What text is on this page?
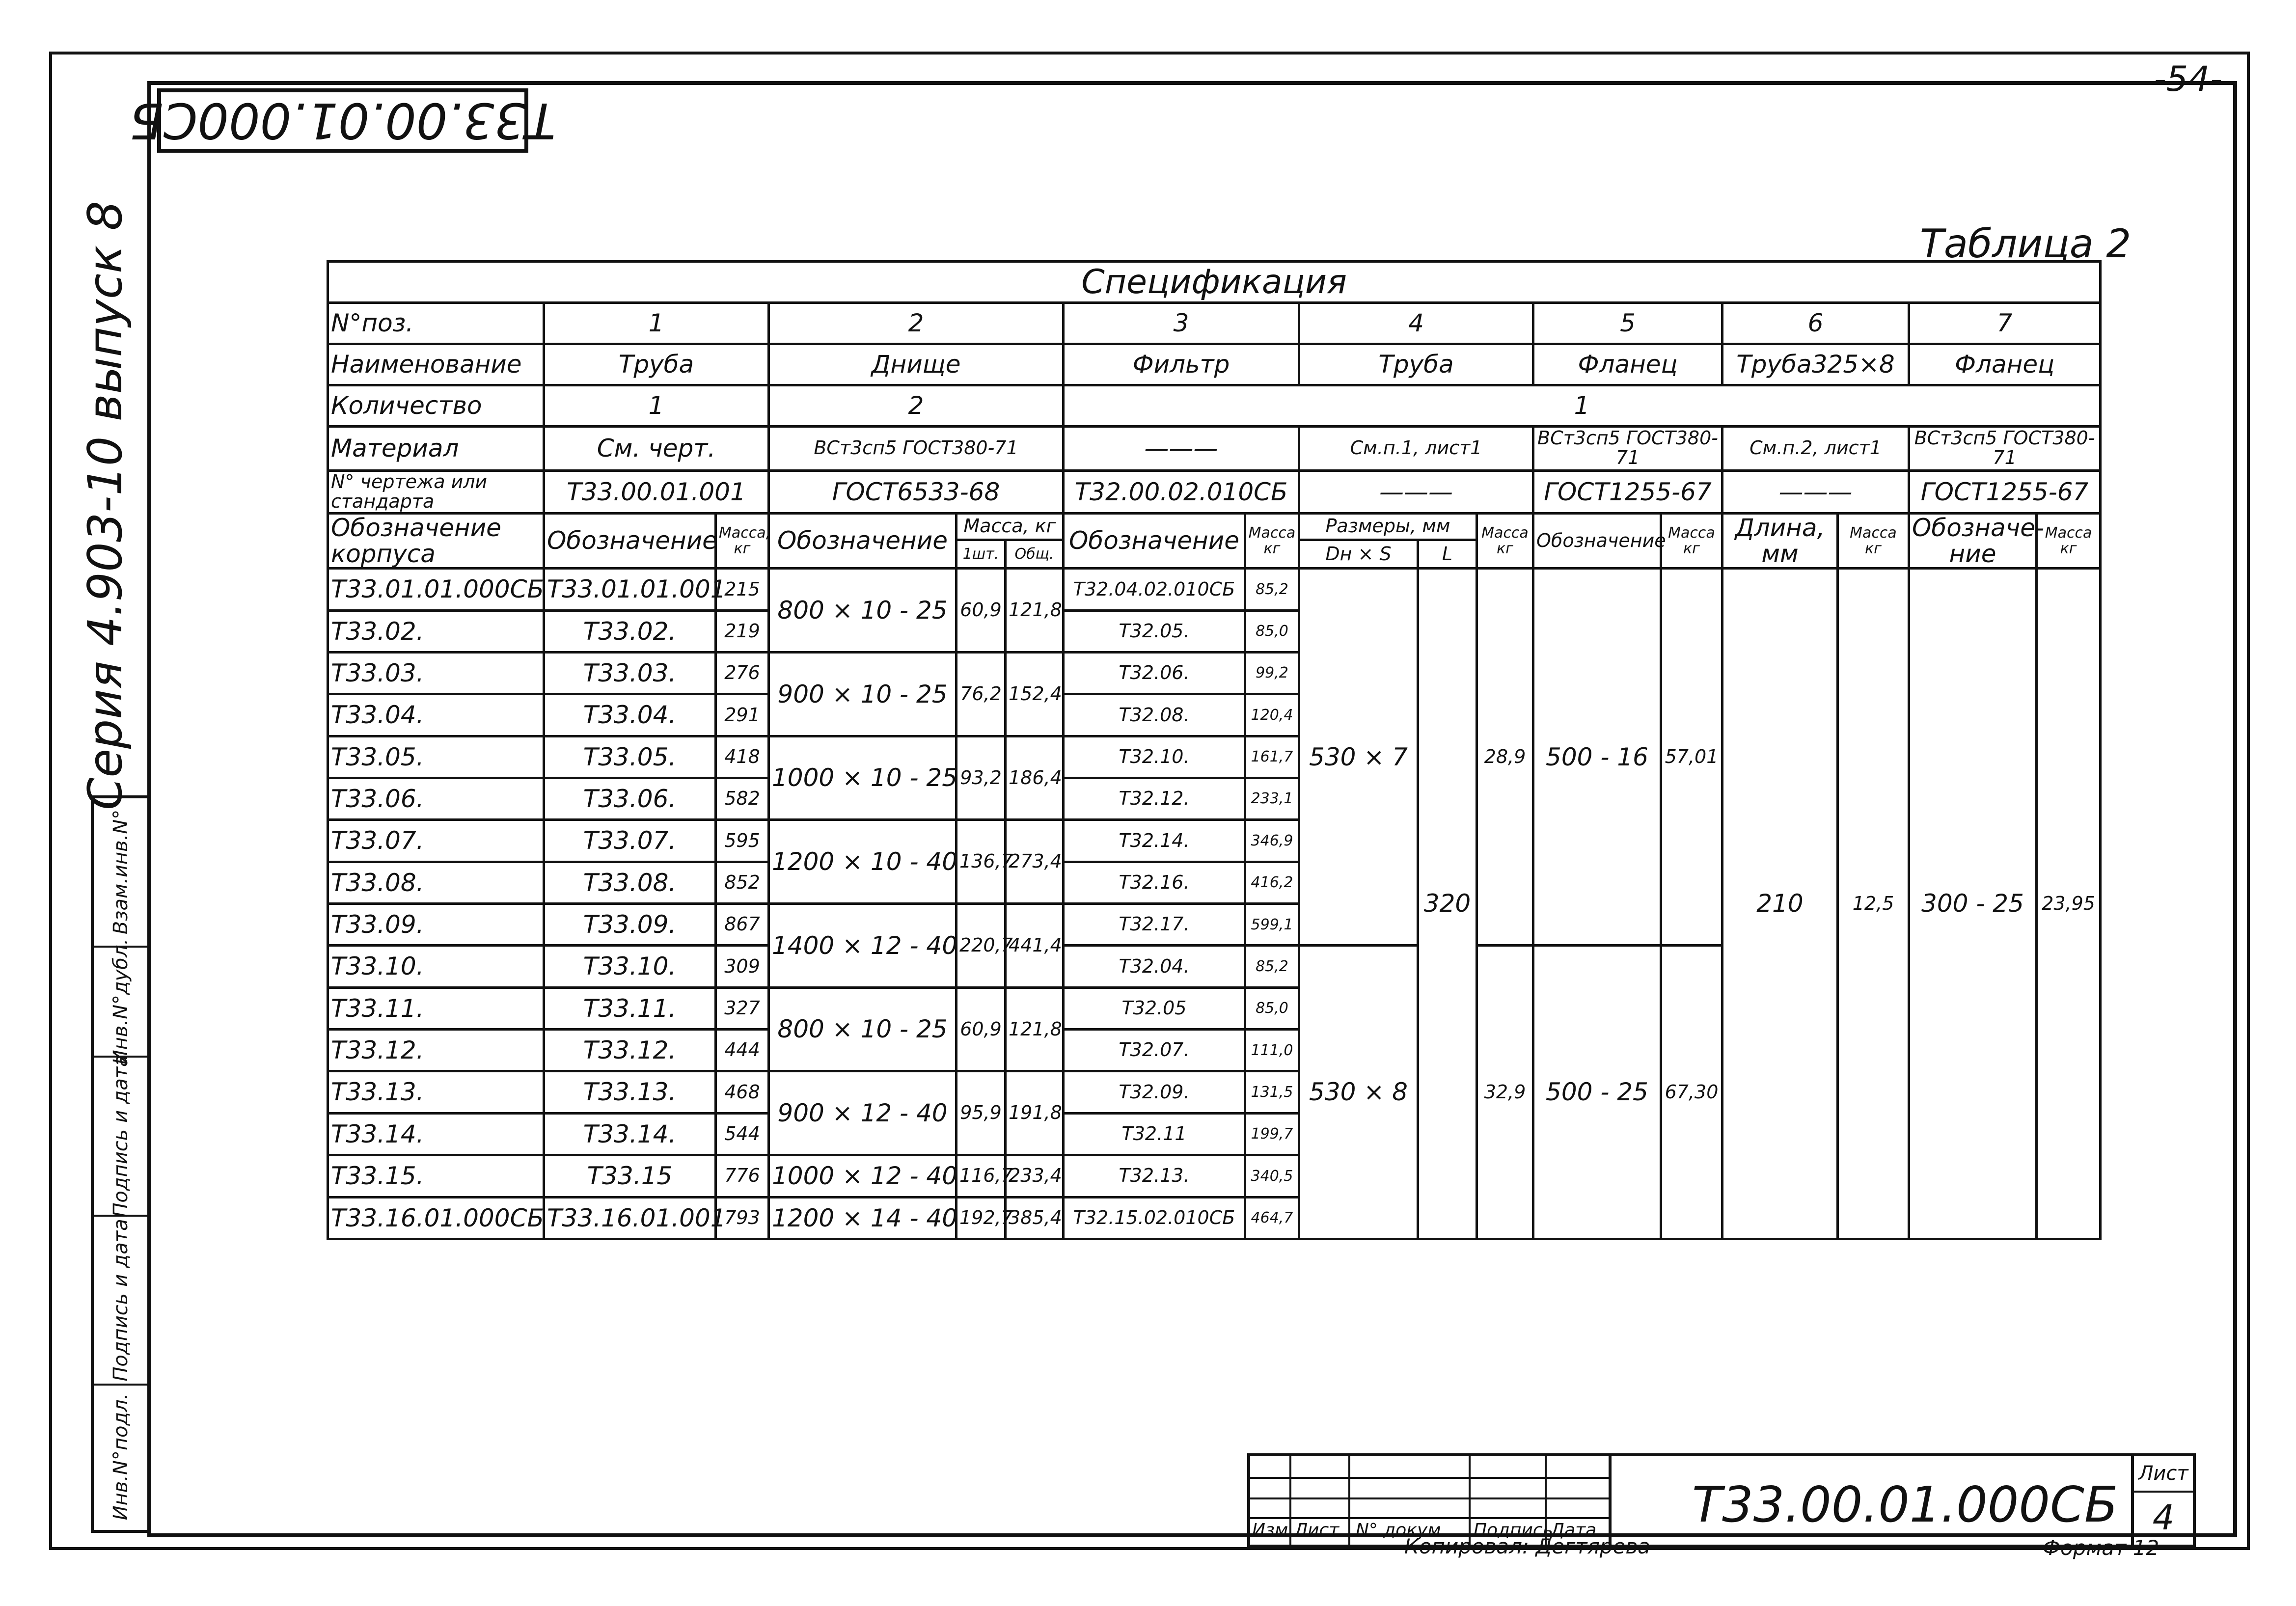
-54-
Т33.00.01.000СБ
Серия 4.903-10 выпуск 8
Взам.инв.N°
Инв.N°дубл.
Подпись и дата
Подпись и дата
Инв.N°подл.
Таблица 2
Спецификация																
N°поз.	1		2			3		4			5		6		7	
Наименование	Труба		Днище			Фильтр		Труба			Фланец		Труба325×8		Фланец	
Количество	1		2			1										
Материал	См. черт.		ВСт3сп5 ГОСТ380-71			———		См.п.1, лист1			ВСт3сп5 ГОСТ380-71		См.п.2, лист1		ВСт3сп5 ГОСТ380-71	
N° чертежа или стандарта	Т33.00.01.001		ГОСТ6533-68			Т32.00.02.010СБ		———			ГОСТ1255-67		———		ГОСТ1255-67	
Обозначение корпуса	Обозначение	Масса, кг	Обозначение	Масса, кг		Обозначение	Масса кг	Размеры, мм		Масса кг	Обозначение	Масса кг	Длина, мм	Масса кг	Обозначе- ние	Масса кг
				1шт.	Общ.			Dн × S	L							
Т33.01.01.000СБ	Т33.01.01.001	215	800 × 10 - 25	60,9	121,8	Т32.04.02.010СБ	85,2	530 × 7	320	28,9	500 - 16	57,01	210	12,5	300 - 25	23,95
Т33.02.	Т33.02.	219				Т32.05.	85,0									
Т33.03.	Т33.03.	276	900 × 10 - 25	76,2	152,4	Т32.06.	99,2									
Т33.04.	Т33.04.	291				Т32.08.	120,4									
Т33.05.	Т33.05.	418	1000 × 10 - 25	93,2	186,4	Т32.10.	161,7									
Т33.06.	Т33.06.	582				Т32.12.	233,1									
Т33.07.	Т33.07.	595	1200 × 10 - 40	136,7	273,4	Т32.14.	346,9									
Т33.08.	Т33.08.	852				Т32.16.	416,2									
Т33.09.	Т33.09.	867	1400 × 12 - 40	220,7	441,4	Т32.17.	599,1									
Т33.10.	Т33.10.	309				Т32.04.	85,2	530 × 8		32,9	500 - 25	67,30				
Т33.11.	Т33.11.	327	800 × 10 - 25	60,9	121,8	Т32.05	85,0									
Т33.12.	Т33.12.	444				Т32.07.	111,0									
Т33.13.	Т33.13.	468	900 × 12 - 40	95,9	191,8	Т32.09.	131,5									
Т33.14.	Т33.14.	544				Т32.11	199,7									
Т33.15.	Т33.15	776	1000 × 12 - 40	116,7	233,4	Т32.13.	340,5									
Т33.16.01.000СБ	Т33.16.01.001	793	1200 × 14 - 40	192,7	385,4	Т32.15.02.010СБ	464,7									
Изм. Лист N° докум. Подпись
Дата Т33.00.01.000СБ
Лист
4
Копировал: Дегтярева	Формат 12
